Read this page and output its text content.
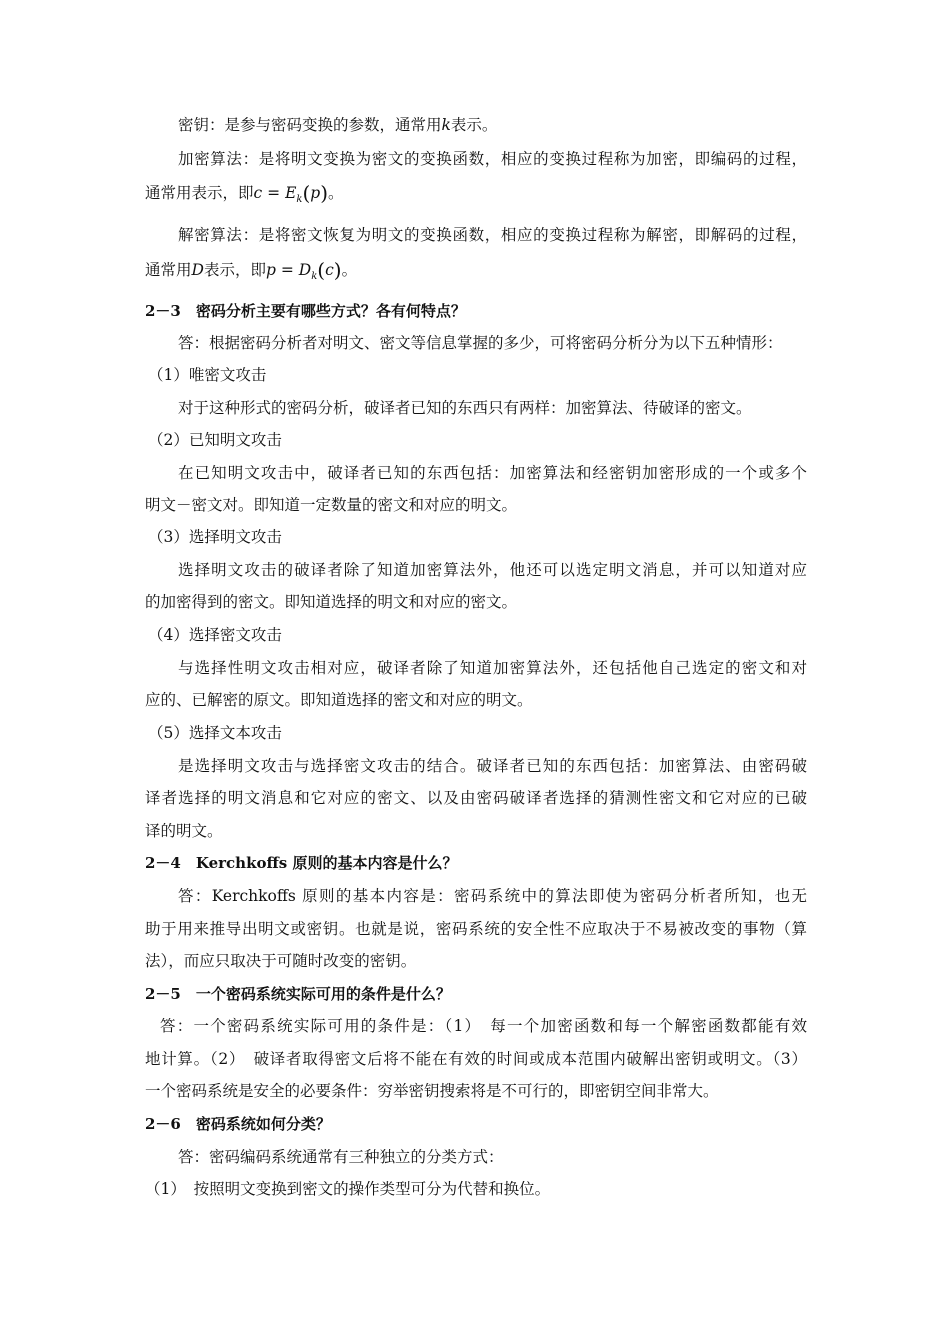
密钥：是参与密码变换的参数，通常用k表示。
加密算法：是将明文变换为密文的变换函数，相应的变换过程称为加密，即编码的过程，
通常用表示，即$c = E_k(p)$。
解密算法：是将密文恢复为明文的变换函数，相应的变换过程称为解密，即解码的过程，
通常用D表示，即$p = D_k(c)$。
2－3　密码分析主要有哪些方式？各有何特点？
答：根据密码分析者对明文、密文等信息掌握的多少，可将密码分析分为以下五种情形：
（1）唯密文攻击
对于这种形式的密码分析，破译者已知的东西只有两样：加密算法、待破译的密文。
（2）已知明文攻击
在已知明文攻击中，破译者已知的东西包括：加密算法和经密钥加密形成的一个或多个
明文－密文对。即知道一定数量的密文和对应的明文。
（3）选择明文攻击
选择明文攻击的破译者除了知道加密算法外，他还可以选定明文消息，并可以知道对应
的加密得到的密文。即知道选择的明文和对应的密文。
（4）选择密文攻击
与选择性明文攻击相对应，破译者除了知道加密算法外，还包括他自己选定的密文和对
应的、已解密的原文。即知道选择的密文和对应的明文。
（5）选择文本攻击
是选择明文攻击与选择密文攻击的结合。破译者已知的东西包括：加密算法、由密码破
译者选择的明文消息和它对应的密文、以及由密码破译者选择的猜测性密文和它对应的已破
译的明文。
2－4　Kerchkoffs 原则的基本内容是什么？
答：Kerchkoffs 原则的基本内容是：密码系统中的算法即使为密码分析者所知，也无
助于用来推导出明文或密钥。也就是说，密码系统的安全性不应取决于不易被改变的事物（算
法），而应只取决于可随时改变的密钥。
2－5　一个密码系统实际可用的条件是什么？
答：一个密码系统实际可用的条件是：（1）　每一个加密函数和每一个解密函数都能有效
地计算。（2）　破译者取得密文后将不能在有效的时间或成本范围内破解出密钥或明文。（3）
一个密码系统是安全的必要条件：穷举密钥搜索将是不可行的，即密钥空间非常大。
2－6　密码系统如何分类？
答：密码编码系统通常有三种独立的分类方式：
（1）　按照明文变换到密文的操作类型可分为代替和换位。
